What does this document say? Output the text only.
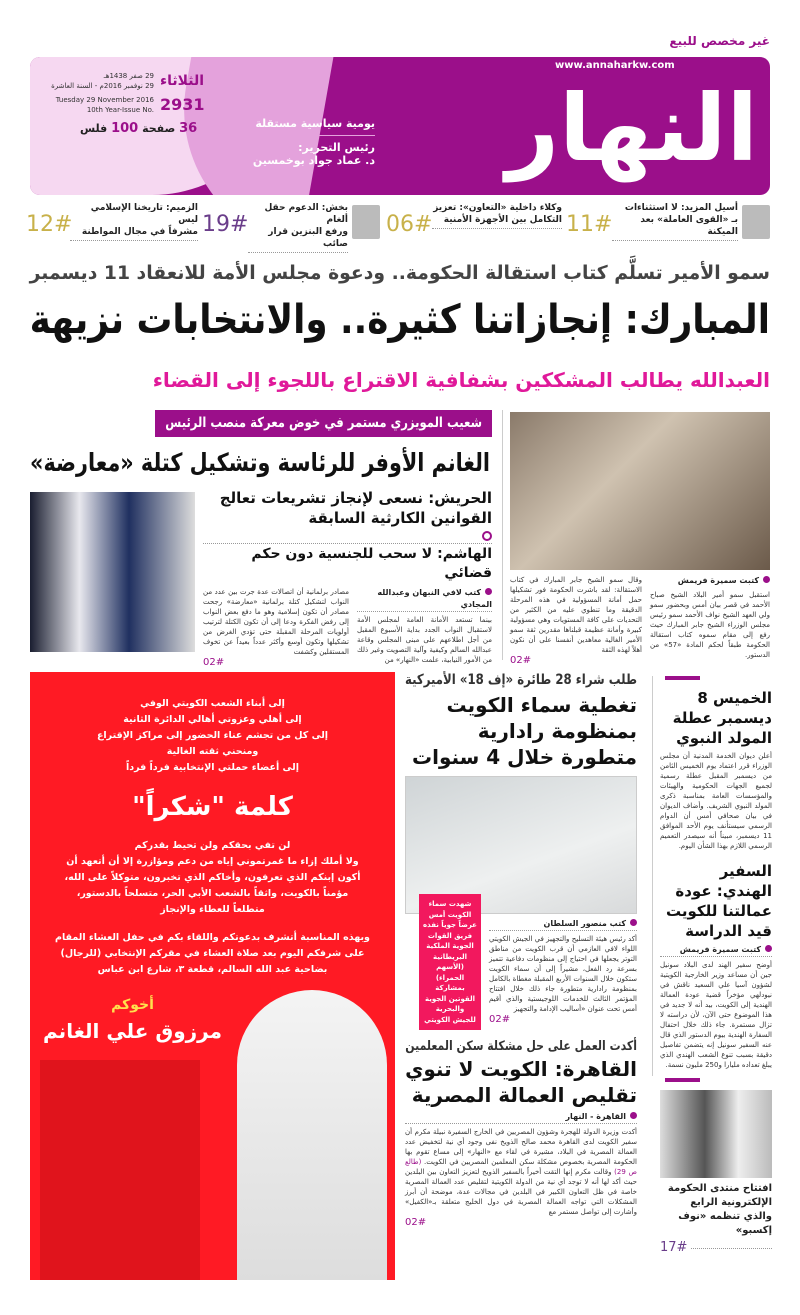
غير مخصص للبيع
النهار
www.annaharkw.com
يومية سياسية مستقلة
رئيس التحرير:
د. عماد جواد بوخمسين
الثلاثاء
29 صفر 1438هـ
29 نوفمبر 2016م - السنة العاشرة
Tuesday 29 November 2016
10th Year-Issue No. 2931
36 صفحة 100 فلس
أسيل المزيد: لا استثناءات
بـ «القوى العاملة» بعد الميكنة
11#
وكلاء داخلية «التعاون»: تعزيز
التكامل بين الأجهزة الأمنية
06#
بخش: الدعوم حقل ألغام
ورفع البنزين قرار صائب
19#
الزميم: تاريخنا الإسلامي ليس
مشرفاً في مجال المواطنة
12#
سمو الأمير تسلَّم كتاب استقالة الحكومة.. ودعوة مجلس الأمة للانعقاد 11 ديسمبر
المبارك: إنجازاتنا كثيرة.. والانتخابات نزيهة
العبدالله يطالب المشككين بشفافية الاقتراع باللجوء إلى القضاء
كتبت سميرة فريمش
استقبل سمو أمير البلاد الشيخ صباح الأحمد في قصر بيان أمس وبحضور سمو ولي العهد الشيخ نواف الأحمد سمو رئيس مجلس الوزراء الشيخ جابر المبارك حيث رفع إلى مقام سموه كتاب استقالة الحكومة طبقاً لحكم المادة «57» من الدستور.
وقال سمو الشيخ جابر المبارك في كتاب الاستقالة: لقد باشرت الحكومة فور تشكيلها حمل أمانة المسؤولية في هذه المرحلة الدقيقة وما تنطوي عليه من الكثير من التحديات على كافة المستويات وهي مسؤولية كبيرة وأمانة عظيمة قبلناها مقدرين ثقة سمو الأمير الغالية معاهدين أنفسنا على أن نكون أهلاً لهذه الثقة
02#
شعيب المويزري مستمر في خوض معركة منصب الرئيس
الغانم الأوفر للرئاسة وتشكيل كتلة «معارضة»
الحريش: نسعى لإنجاز تشريعات تعالج القوانين الكارثية السابقة
الهاشم: لا سحب للجنسية دون حكم قضائي
كتب لافي النبهان وعبدالله المجادي
بينما تستعد الأمانة العامة لمجلس الأمة لاستقبال النواب الجدد بداية الأسبوع المقبل من أجل اطلاعهم على مبنى المجلس وقاعة عبدالله السالم وكيفية وآلية التصويت وغير ذلك من الأمور النيابية، علمت «النهار» من
مصادر برلمانية أن اتصالات عدة جرت بين عدد من النواب لتشكيل كتلة برلمانية «معارضة» رجحت مصادر أن تكون إسلامية وهو ما دفع بعض النواب إلى رفض الفكرة ودعا إلى أن تكون الكتلة لترتيب أولويات المرحلة المقبلة حتى تؤدي الغرض من تشكيلها وتكون أوسع وأكثر عدداً بعيداً عن تخوف المستقلين وكشفت
02#

إلى أبناء الشعب الكويتي الوفي

إلى أهلي وعزوتي أهالي الدائرة الثانية

إلى كل من تجشم عناء الحضور إلى مراكز الإقتراع

ومنحني ثقته الغالية

إلى أعضاء حملتي الإنتخابية فرداً فرداً

كلمة "شكراً"

لن تفي بحقكم ولن تحيط بقدركم

ولا أملك إزاء ما غمرتموني إياه من دعم ومؤازرة إلا أن أتعهد أن

أكون إبنكم الذي تعرفون، وأخاكم الذي تخبرون، متوكلاً على الله،

مؤمناً بالكويت، واثقاً بالشعب الأبي الحر، متسلحاً بالدستور،

متطلعاً للعطاء والإنجاز

وبهذه المناسبة أتشرف بدعوتكم واللقاء بكم في حفل العشاء المقام

على شرفكم اليوم بعد صلاة العشاء في مقركم الإنتخابي (للرجال)

بضاحية عبد الله السالم، قطعة ٣، شارع ابن عباس

أخوكم
مرزوق علي الغانم
طلب شراء 28 طائرة «إف 18» الأميركية
تغطية سماء الكويت بمنظومة رادارية متطورة خلال 4 سنوات
كتب منصور السلطان
أكد رئيس هيئة التسليح والتجهيز في الجيش الكويتي اللواء لافي العازمي أن قرب الكويت من مناطق التوتر يجعلها في احتياج إلى منظومات دفاعية تتميز بسرعة رد الفعل، مشيراً إلى أن سماء الكويت ستكون خلال السنوات الأربع المقبلة مغطاة بالكامل بمنظومة رادارية متطورة جاء ذلك خلال افتتاح المؤتمر الثالث للخدمات اللوجيستية والذي أقيم أمس تحت عنوان «أساليب الإدامة والتجهيز
02#
شهدت سماء الكويت أمس عرضاً جوياً نفذه فريق القوات الجوية الملكية البريطانية (الأسهم الحمراء) بمشاركة القوتين الجوية والبحرية للجيش الكويتي
أكدت العمل على حل مشكلة سكن المعلمين
القاهرة: الكويت لا تنوي تقليص العمالة المصرية
القاهرة - النهار
أكدت وزيرة الدولة للهجرة وشؤون المصريين في الخارج السفيرة نبيلة مكرم أن سفير الكويت لدى القاهرة محمد صالح الذويخ نفى وجود أي نية لتخفيض عدد العمالة المصرية في البلاد، مشيرة في لقاء مع «النهار» إلى مساع تقوم بها الحكومة المصرية بخصوص مشكلة سكن المعلمين المصريين في الكويت. (طالع ص 29) وقالت مكرم إنها التقت أخيراً بالسفير الذويخ لتعزيز التعاون بين البلدين حيث أكد لها أنه لا توجد أي نية من الدولة الكويتية لتقليص عدد العمالة المصرية خاصة في ظل التعاون الكبير في البلدين في مجالات عدة، موضحة أن أبرز المشكلات التي تواجه العمالة المصرية في دول الخليج متعلقة بـ«الكفيل» وأشارت إلى تواصل مستمر مع
02#
الخميس 8 ديسمبر عطلة المولد النبوي
أعلن ديوان الخدمة المدنية أن مجلس الوزراء قرر اعتماد يوم الخميس الثامن من ديسمبر المقبل عطلة رسمية لجميع الجهات الحكومية والهيئات والمؤسسات العامة بمناسبة ذكرى المولد النبوي الشريف. وأضاف الديوان في بيان صحافي أمس أن الدوام الرسمي سيستأنف يوم الأحد الموافق 11 ديسمبر، مبيناً أنه سيصدر التعميم الرسمي اللازم بهذا الشأن اليوم.
السفير الهندي: عودة عمالتنا للكويت قيد الدراسة
كتبت سميرة فريمش
أوضح سفير الهند لدى البلاد سونيل جين أن مساعد وزير الخارجية الكويتية لشؤون آسيا علي السعيد ناقش في نيودلهي مؤخراً قضية عودة العمالة الهندية إلى الكويت، بيد أنه لا جديد في هذا الموضوع حتى الآن، لأن دراسته لا تزال مستمرة. جاء ذلك خلال احتفال السفارة الهندية بيوم الدستور الذي قال عنه السفير سونيل إنه يتضمن تفاصيل دقيقة بسبب تنوع الشعب الهندي الذي يبلغ تعداده مليارا و250 مليون نسمة.
افتتاح منتدى الحكومة الإلكترونية الرابع والذي تنظمه «نوف إكسبو»
17#
